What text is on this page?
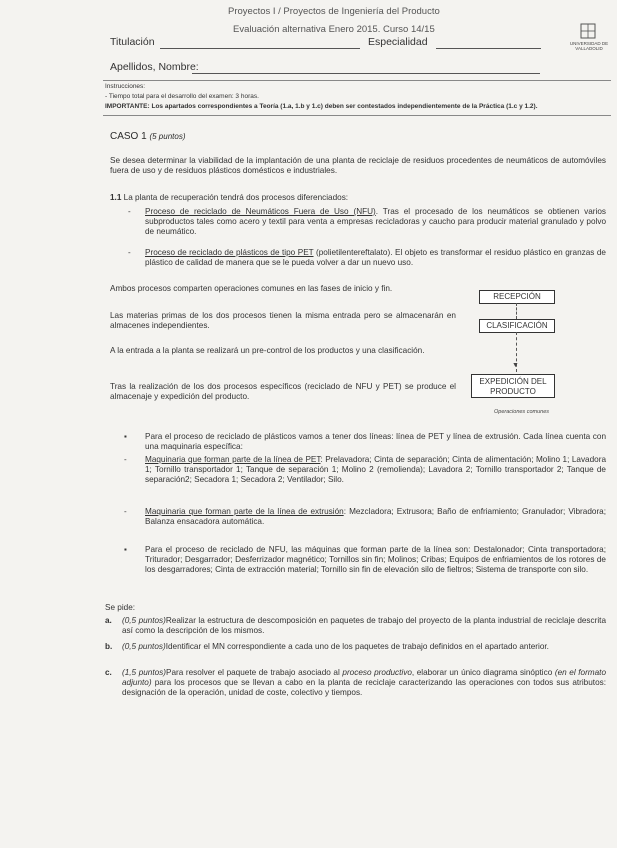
Proyectos I / Proyectos de Ingeniería del Producto
Evaluación alternativa Enero 2015. Curso 14/15
UNIVERSIDAD DE VALLADOLID
Titulación	Especialidad
Apellidos, Nombre:
Instrucciones:
- Tiempo total para el desarrollo del examen: 3 horas.
IMPORTANTE: Los apartados correspondientes a Teoría (1.a, 1.b y 1.c) deben ser contestados independientemente de la Práctica (1.c y 1.2).
CASO 1 (5 puntos)
Se desea determinar la viabilidad de la implantación de una planta de reciclaje de residuos procedentes de neumáticos de automóviles fuera de uso y de residuos plásticos domésticos e industriales.
1.1 La planta de recuperación tendrá dos procesos diferenciados:
- Proceso de reciclado de Neumáticos Fuera de Uso (NFU). Tras el procesado de los neumáticos se obtienen varios subproductos tales como acero y textil para venta a empresas recicladoras y caucho para producir material granulado y polvo de neumático.
- Proceso de reciclado de plásticos de tipo PET (polietilentereftalato). El objeto es transformar el residuo plástico en granzas de plástico de calidad de manera que se le pueda volver a dar un nuevo uso.
Ambos procesos comparten operaciones comunes en las fases de inicio y fin.
Las materias primas de los dos procesos tienen la misma entrada pero se almacenarán en almacenes independientes.
A la entrada a la planta se realizará un pre-control de los productos y una clasificación.
Tras la realización de los dos procesos específicos (reciclado de NFU y PET) se produce el almacenaje y expedición del producto.
RECEPCIÓN
CLASIFICACIÓN
▼
EXPEDICIÓN DEL PRODUCTO
Operaciones comunes
▪ Para el proceso de reciclado de plásticos vamos a tener dos líneas: línea de PET y línea de extrusión. Cada línea cuenta con una maquinaria específica:
- Maquinaria que forman parte de la línea de PET: Prelavadora; Cinta de separación; Cinta de alimentación; Molino 1; Lavadora 1; Tornillo transportador 1; Tanque de separación 1; Molino 2 (remolienda); Lavadora 2; Tornillo transportador 2; Tanque de separación2; Secadora 1; Secadora 2; Ventilador; Silo.
- Maquinaria que forman parte de la línea de extrusión: Mezcladora; Extrusora; Baño de enfriamiento; Granulador; Vibradora; Balanza ensacadora automática.
▪ Para el proceso de reciclado de NFU, las máquinas que forman parte de la línea son: Destalonador; Cinta transportadora; Triturador; Desgarrador; Desferrizador magnético; Tornillos sin fin; Molinos; Cribas; Equipos de enfriamientos de los rotores de los desgarradores; Cinta de extracción material; Tornillo sin fin de elevación silo de fieltros; Sistema de transporte con silo.
Se pide:
a. (0,5 puntos)Realizar la estructura de descomposición en paquetes de trabajo del proyecto de la planta industrial de reciclaje descrita así como la descripción de los mismos.
b. (0,5 puntos)Identificar el MN correspondiente a cada uno de los paquetes de trabajo definidos en el apartado anterior.
c. (1,5 puntos)Para resolver el paquete de trabajo asociado al proceso productivo, elaborar un único diagrama sinóptico (en el formato adjunto) para los procesos que se llevan a cabo en la planta de reciclaje caracterizando las operaciones con todos sus atributos: designación de la operación, unidad de coste, colectivo y tiempos.
